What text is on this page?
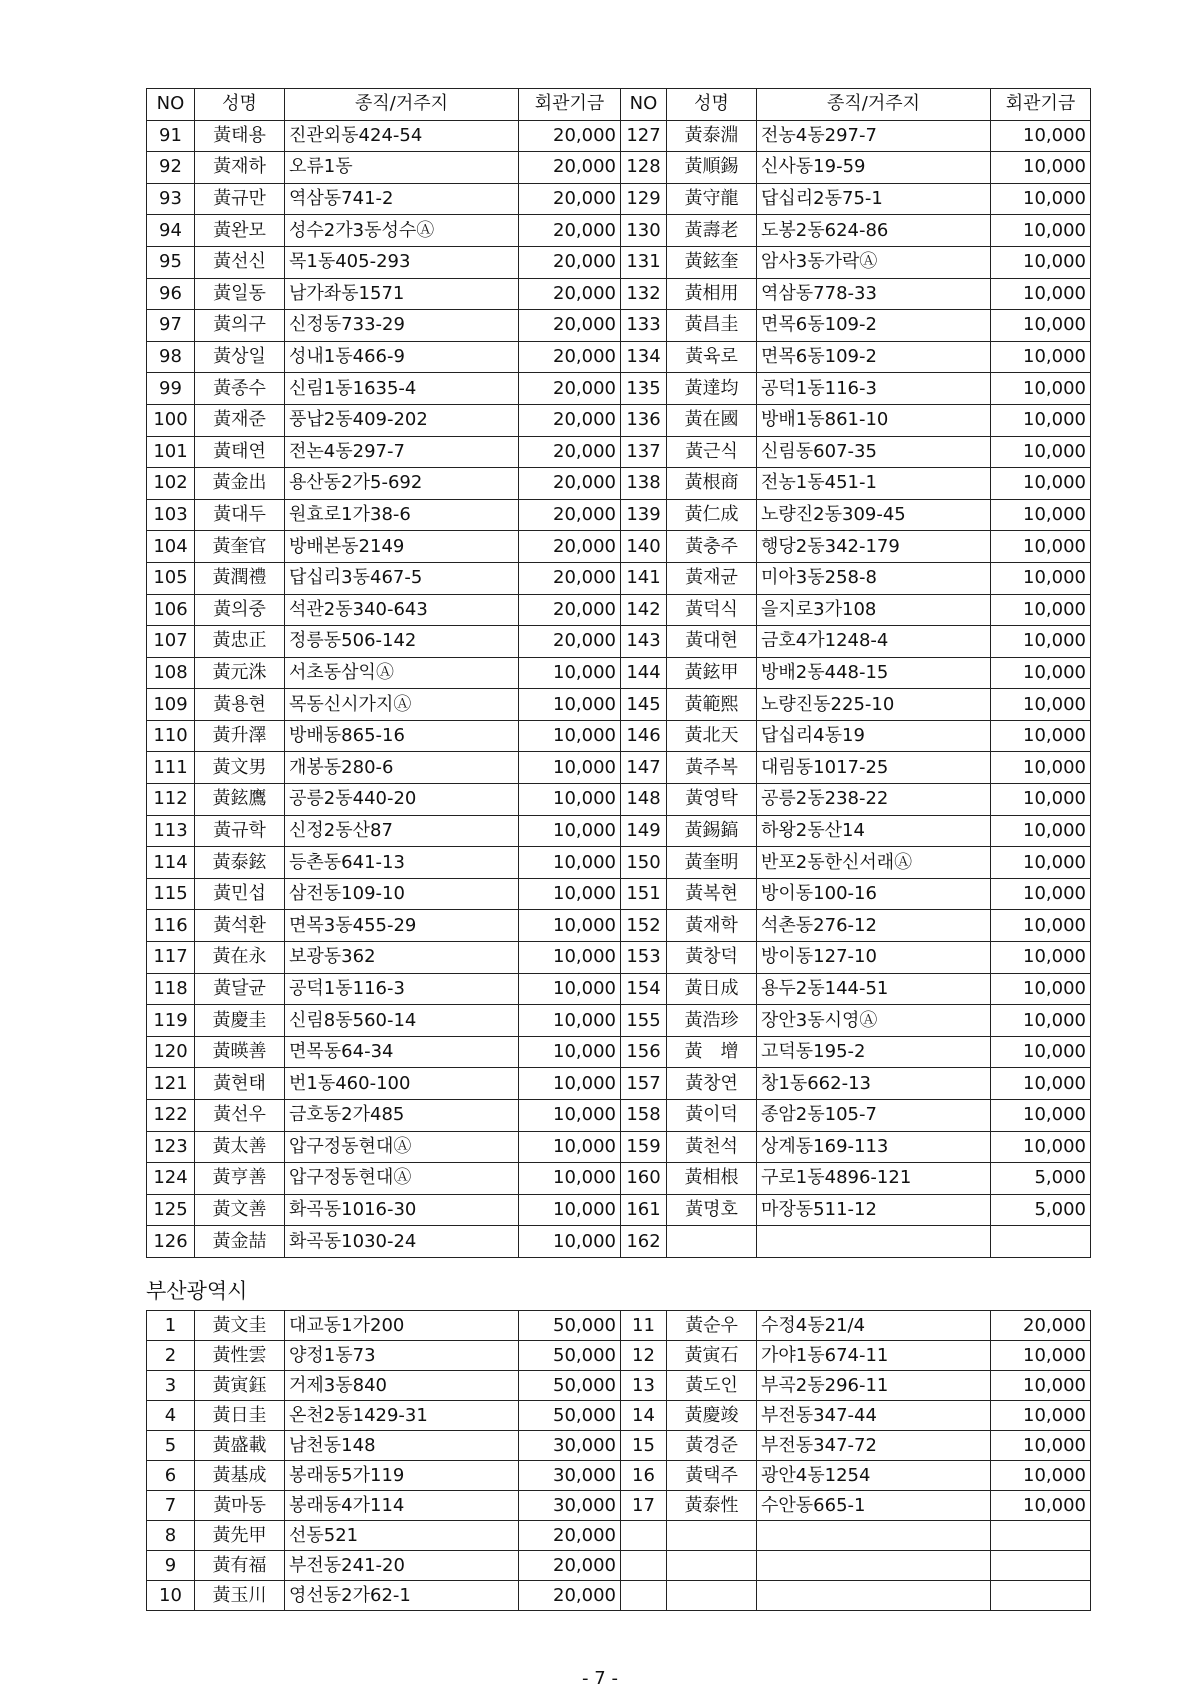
NO	성명	종직/거주지	회관기금	NO	성명	종직/거주지	회관기금
91	黃태용	진관외동424-54	20,000	127	黃泰淵	전농4동297-7	10,000
92	黃재하	오류1동	20,000	128	黃順錫	신사동19-59	10,000
93	黃규만	역삼동741-2	20,000	129	黃守龍	답십리2동75-1	10,000
94	黃완모	성수2가3동성수Ⓐ	20,000	130	黃壽老	도봉2동624-86	10,000
95	黃선신	목1동405-293	20,000	131	黃鉉奎	암사3동가락Ⓐ	10,000
96	黃일동	남가좌동1571	20,000	132	黃相用	역삼동778-33	10,000
97	黃의구	신정동733-29	20,000	133	黃昌圭	면목6동109-2	10,000
98	黃상일	성내1동466-9	20,000	134	黃육로	면목6동109-2	10,000
99	黃종수	신림1동1635-4	20,000	135	黃達均	공덕1동116-3	10,000
100	黃재준	풍납2동409-202	20,000	136	黃在國	방배1동861-10	10,000
101	黃태연	전논4동297-7	20,000	137	黃근식	신림동607-35	10,000
102	黃金出	용산동2가5-692	20,000	138	黃根商	전농1동451-1	10,000
103	黃대두	원효로1가38-6	20,000	139	黃仁成	노량진2동309-45	10,000
104	黃奎官	방배본동2149	20,000	140	黃충주	행당2동342-179	10,000
105	黃潤禮	답십리3동467-5	20,000	141	黃재균	미아3동258-8	10,000
106	黃의중	석관2동340-643	20,000	142	黃덕식	을지로3가108	10,000
107	黃忠正	정릉동506-142	20,000	143	黃대현	금호4가1248-4	10,000
108	黃元洙	서초동삼익Ⓐ	10,000	144	黃鉉甲	방배2동448-15	10,000
109	黃용현	목동신시가지Ⓐ	10,000	145	黃範熙	노량진동225-10	10,000
110	黃升澤	방배동865-16	10,000	146	黃北天	답십리4동19	10,000
111	黃文男	개봉동280-6	10,000	147	黃주복	대림동1017-25	10,000
112	黃鉉鷹	공릉2동440-20	10,000	148	黃영탁	공릉2동238-22	10,000
113	黃규학	신정2동산87	10,000	149	黃錫鎬	하왕2동산14	10,000
114	黃泰鉉	등촌동641-13	10,000	150	黃奎明	반포2동한신서래Ⓐ	10,000
115	黃민섭	삼전동109-10	10,000	151	黃복현	방이동100-16	10,000
116	黃석환	면목3동455-29	10,000	152	黃재학	석촌동276-12	10,000
117	黃在永	보광동362	10,000	153	黃창덕	방이동127-10	10,000
118	黃달균	공덕1동116-3	10,000	154	黃日成	용두2동144-51	10,000
119	黃慶圭	신림8동560-14	10,000	155	黃浩珍	장안3동시영Ⓐ	10,000
120	黃暎善	면목동64-34	10,000	156	黃　增	고덕동195-2	10,000
121	黃현태	번1동460-100	10,000	157	黃창연	창1동662-13	10,000
122	黃선우	금호동2가485	10,000	158	黃이덕	종암2동105-7	10,000
123	黃太善	압구정동현대Ⓐ	10,000	159	黃천석	상계동169-113	10,000
124	黃亨善	압구정동현대Ⓐ	10,000	160	黃相根	구로1동4896-121	5,000
125	黃文善	화곡동1016-30	10,000	161	黃명호	마장동511-12	5,000
126	黃金喆	화곡동1030-24	10,000	162			
부산광역시
1	黃文圭	대교동1가200	50,000	11	黃순우	수정4동21/4	20,000
2	黃性雲	양정1동73	50,000	12	黃寅石	가야1동674-11	10,000
3	黃寅鈺	거제3동840	50,000	13	黃도인	부곡2동296-11	10,000
4	黃日圭	온천2동1429-31	50,000	14	黃慶竣	부전동347-44	10,000
5	黃盛載	남천동148	30,000	15	黃경준	부전동347-72	10,000
6	黃基成	봉래동5가119	30,000	16	黃택주	광안4동1254	10,000
7	黃마동	봉래동4가114	30,000	17	黃泰性	수안동665-1	10,000
8	黃先甲	선동521	20,000				
9	黃有福	부전동241-20	20,000				
10	黃玉川	영선동2가62-1	20,000				
- 7 -
